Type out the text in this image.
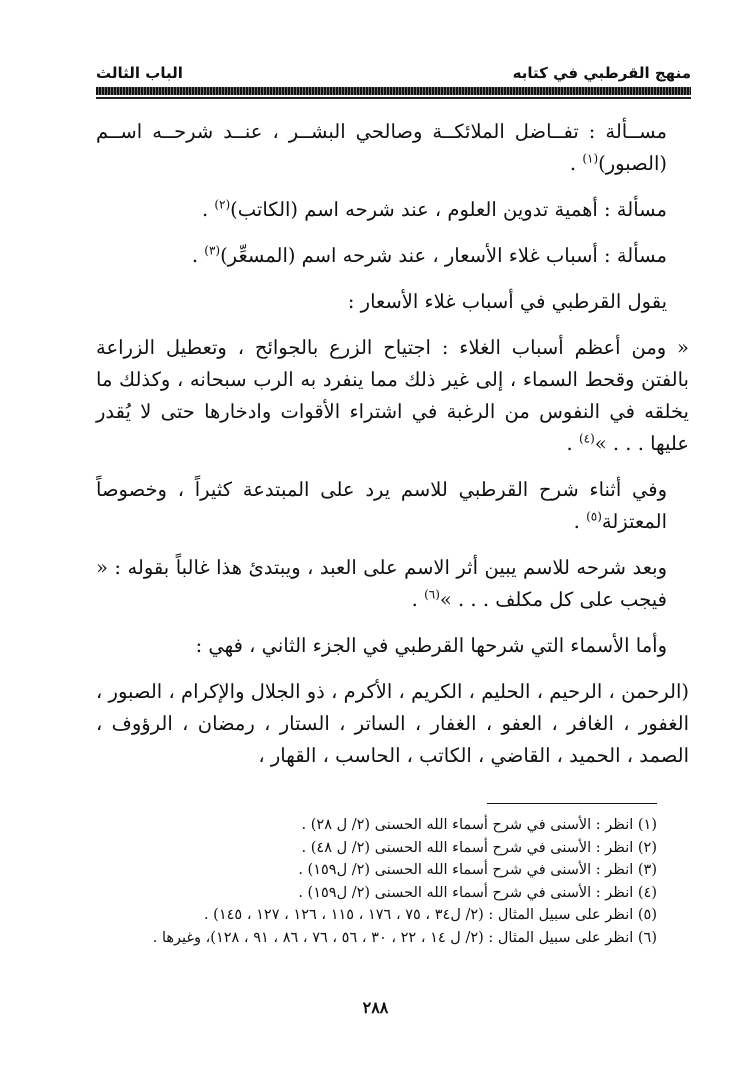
منهج القرطبي في كتابه
الباب الثالث

مســألة : تفــاضل الملائكــة وصالحي البشــر ، عنــد شرحــه اســم (الصبور)$^{(١)}$ .

مسألة : أهمية تدوين العلوم ، عند شرحه اسم (الكاتب)$^{(٢)}$ .

مسألة : أسباب غلاء الأسعار ، عند شرحه اسم (المسعِّر)$^{(٣)}$ .

يقول القرطبي في أسباب غلاء الأسعار :

« ومن أعظم أسباب الغلاء : اجتياح الزرع بالجوائح ، وتعطيل الزراعة بالفتن وقحط السماء ، إلى غير ذلك مما ينفرد به الرب سبحانه ، وكذلك ما يخلقه في النفوس من الرغبة في اشتراء الأقوات وادخارها حتى لا يُقدر عليها . . . »$^{(٤)}$ .

وفي أثناء شرح القرطبي للاسم يرد على المبتدعة كثيراً ، وخصوصاً المعتزلة$^{(٥)}$ .

وبعد شرحه للاسم يبين أثر الاسم على العبد ، ويبتدئ هذا غالباً بقوله : « فيجب على كل مكلف . . . »$^{(٦)}$ .

وأما الأسماء التي شرحها القرطبي في الجزء الثاني ، فهي :

(الرحمن ، الرحيم ، الحليم ، الكريم ، الأكرم ، ذو الجلال والإكرام ، الصبور ، الغفور ، الغافر ، العفو ، الغفار ، الساتر ، الستار ، رمضان ، الرؤوف ، الصمد ، الحميد ، القاضي ، الكاتب ، الحاسب ، القهار ،

(١) انظر : الأسنى في شرح أسماء الله الحسنى (٢/ ل ٢٨) .
(٢) انظر : الأسنى في شرح أسماء الله الحسنى (٢/ ل ٤٨) .
(٣) انظر : الأسنى في شرح أسماء الله الحسنى (٢/ ل١٥٩) .
(٤) انظر : الأسنى في شرح أسماء الله الحسنى (٢/ ل١٥٩) .
(٥) انظر على سبيل المثال : (٢/ ل٣٤ ، ٧٥ ، ١٧٦ ، ١١٥ ، ١٢٦ ، ١٢٧ ، ١٤٥) .
(٦) انظر على سبيل المثال : (٢/ ل ١٤ ، ٢٢ ، ٣٠ ، ٥٦ ، ٧٦ ، ٨٦ ، ٩١ ، ١٢٨)، وغيرها .
٢٨٨
